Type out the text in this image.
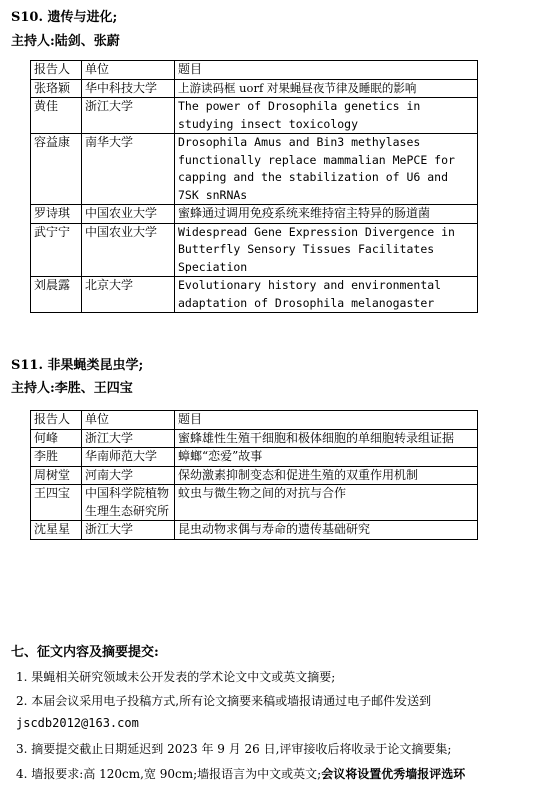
S10. 遗传与进化;
主持人:陆剑、张蔚
报告人	单位	题目
张珞颖	华中科技大学	上游读码框 uorf 对果蝇昼夜节律及睡眠的影响
黄佳	浙江大学	The power of Drosophila genetics in studying insect toxicology
容益康	南华大学	Drosophila Amus and Bin3 methylases functionally replace mammalian MePCE for capping and the stabilization of U6 and 7SK snRNAs
罗诗琪	中国农业大学	蜜蜂通过调用免疫系统来维持宿主特异的肠道菌
武宁宁	中国农业大学	Widespread Gene Expression Divergence in Butterfly Sensory Tissues Facilitates Speciation
刘晨露	北京大学	Evolutionary history and environmental adaptation of Drosophila melanogaster
S11. 非果蝇类昆虫学;
主持人:李胜、王四宝
报告人	单位	题目
何峰	浙江大学	蜜蜂雄性生殖干细胞和极体细胞的单细胞转录组证据
李胜	华南师范大学	蟑螂“恋爱”故事
周树堂	河南大学	保幼激素抑制变态和促进生殖的双重作用机制
王四宝	中国科学院植物生理生态研究所	蚊虫与微生物之间的对抗与合作
沈星星	浙江大学	昆虫动物求偶与寿命的遗传基础研究
七、征文内容及摘要提交:
1. 果蝇相关研究领域未公开发表的学术论文中文或英文摘要;
2. 本届会议采用电子投稿方式,所有论文摘要来稿或墙报请通过电子邮件发送到
jscdb2012@163.com
3. 摘要提交截止日期延迟到 2023 年 9 月 26 日,评审接收后将收录于论文摘要集;
4. 墙报要求:高 120cm,宽 90cm;墙报语言为中文或英文;会议将设置优秀墙报评选环
